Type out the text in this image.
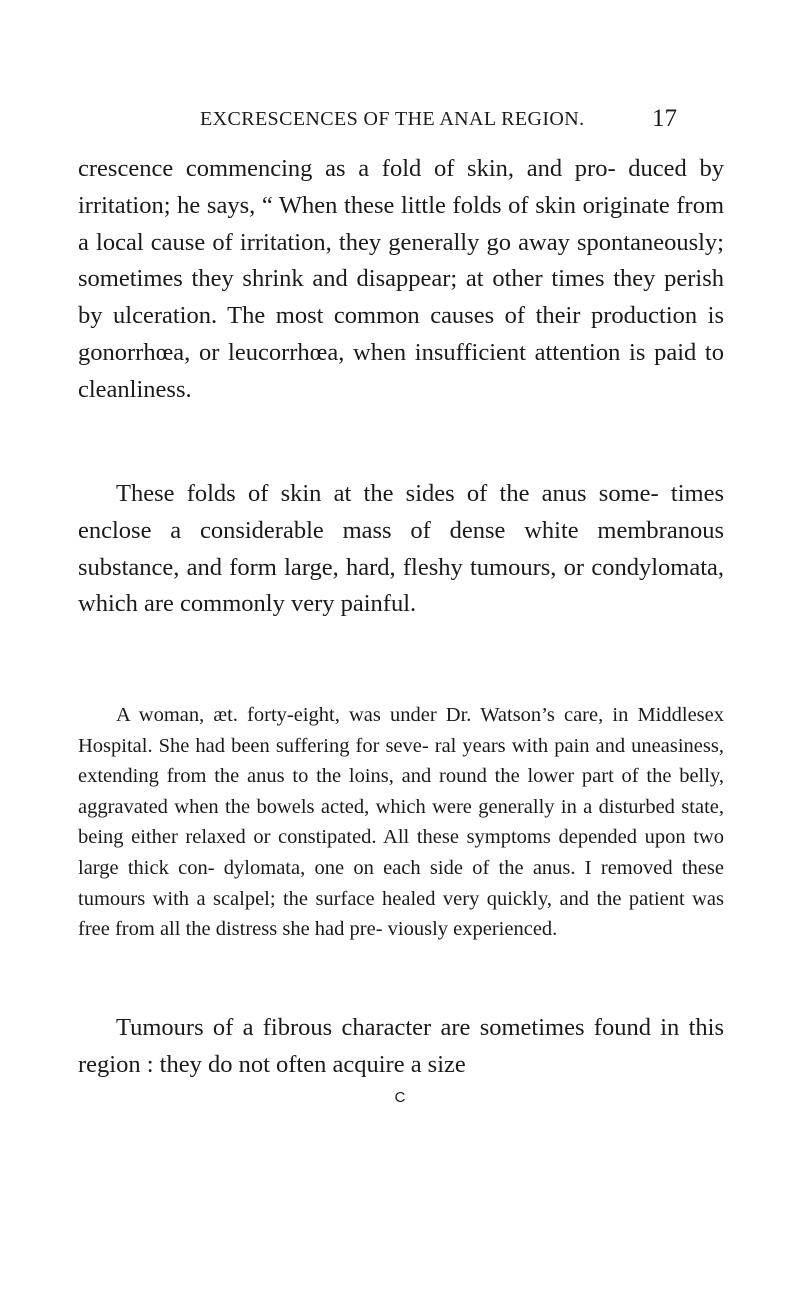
EXCRESCENCES OF THE ANAL REGION.	17

crescence commencing as a fold of skin, and pro- duced by irritation; he says, “ When these little folds of skin originate from a local cause of irritation, they generally go away spontaneously; sometimes they shrink and disappear; at other times they perish by ulceration. The most common causes of their production is gonorrhœa, or leucorrhœa, when insufficient attention is paid to cleanliness.

These folds of skin at the sides of the anus some- times enclose a considerable mass of dense white membranous substance, and form large, hard, fleshy tumours, or condylomata, which are commonly very painful.

A woman, æt. forty-eight, was under Dr. Watson’s care, in Middlesex Hospital. She had been suffering for seve- ral years with pain and uneasiness, extending from the anus to the loins, and round the lower part of the belly, aggravated when the bowels acted, which were generally in a disturbed state, being either relaxed or constipated. All these symptoms depended upon two large thick con- dylomata, one on each side of the anus. I removed these tumours with a scalpel; the surface healed very quickly, and the patient was free from all the distress she had pre- viously experienced.

Tumours of a fibrous character are sometimes found in this region : they do not often acquire a size

C
